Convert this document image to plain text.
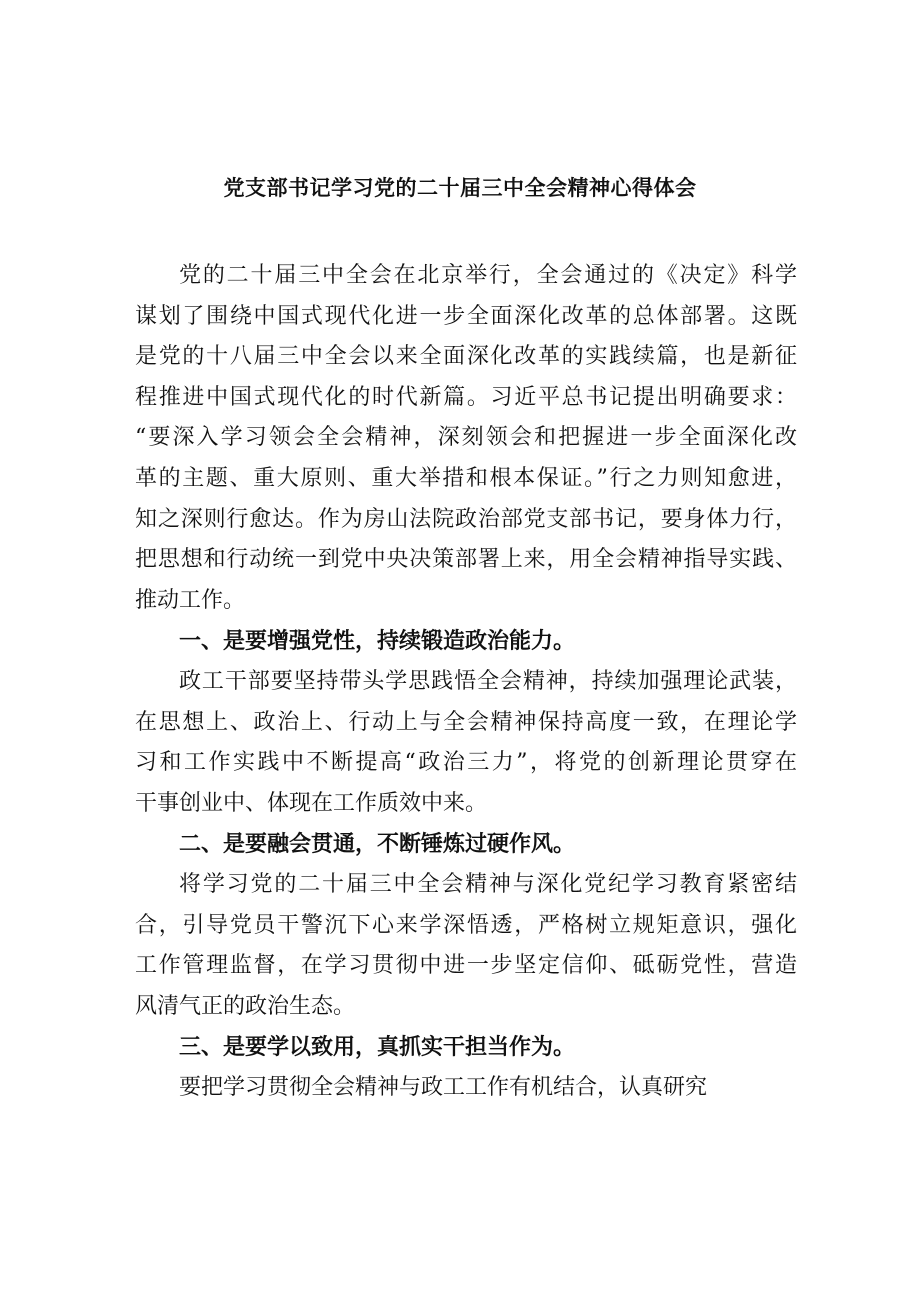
党支部书记学习党的二十届三中全会精神心得体会
党的二十届三中全会在北京举行，全会通过的《决定》科学
谋划了围绕中国式现代化进一步全面深化改革的总体部署。这既
是党的十八届三中全会以来全面深化改革的实践续篇，也是新征
程推进中国式现代化的时代新篇。习近平总书记提出明确要求：
“要深入学习领会全会精神，深刻领会和把握进一步全面深化改
革的主题、重大原则、重大举措和根本保证。”行之力则知愈进，
知之深则行愈达。作为房山法院政治部党支部书记，要身体力行，
把思想和行动统一到党中央决策部署上来，用全会精神指导实践、
推动工作。
一、是要增强党性，持续锻造政治能力。
政工干部要坚持带头学思践悟全会精神，持续加强理论武装，
在思想上、政治上、行动上与全会精神保持高度一致，在理论学
习和工作实践中不断提高“政治三力”，将党的创新理论贯穿在
干事创业中、体现在工作质效中来。
二、是要融会贯通，不断锤炼过硬作风。
将学习党的二十届三中全会精神与深化党纪学习教育紧密结
合，引导党员干警沉下心来学深悟透，严格树立规矩意识，强化
工作管理监督，在学习贯彻中进一步坚定信仰、砥砺党性，营造
风清气正的政治生态。
三、是要学以致用，真抓实干担当作为。
要把学习贯彻全会精神与政工工作有机结合，认真研究
